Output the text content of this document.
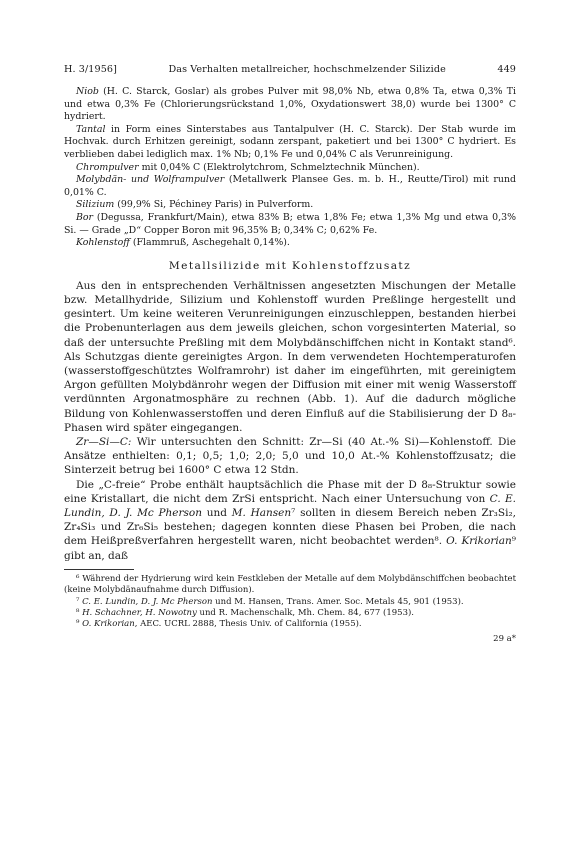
H. 3/1956]	Das Verhalten metallreicher, hochschmelzender Silizide	449

Niob (H. C. Starck, Goslar) als grobes Pulver mit 98,0% Nb, etwa 0,8% Ta, etwa 0,3% Ti und etwa 0,3% Fe (Chlorierungsrückstand 1,0%, Oxydationswert 38,0) wurde bei 1300° C hydriert.

Tantal in Form eines Sinterstabes aus Tantalpulver (H. C. Starck). Der Stab wurde im Hochvak. durch Erhitzen gereinigt, sodann zerspant, paketiert und bei 1300° C hydriert. Es verblieben dabei lediglich max. 1% Nb; 0,1% Fe und 0,04% C als Verunreinigung.

Chrompulver mit 0,04% C (Elektrolytchrom, Schmelztechnik München).

Molybdän- und Wolframpulver (Metallwerk Plansee Ges. m. b. H., Reutte/Tirol) mit rund 0,01% C.

Silizium (99,9% Si, Péchiney Paris) in Pulverform.

Bor (Degussa, Frankfurt/Main), etwa 83% B; etwa 1,8% Fe; etwa 1,3% Mg und etwa 0,3% Si. — Grade „D“ Copper Boron mit 96,35% B; 0,34% C; 0,62% Fe.

Kohlenstoff (Flammruß, Aschegehalt 0,14%).

Metallsilizide mit Kohlenstoffzusatz

Aus den in entsprechenden Verhältnissen angesetzten Mischungen der Metalle bzw. Metallhydride, Silizium und Kohlenstoff wurden Preßlinge hergestellt und gesintert. Um keine weiteren Verunreinigungen einzuschleppen, bestanden hierbei die Probenunterlagen aus dem jeweils gleichen, schon vorgesinterten Material, so daß der untersuchte Preßling mit dem Molybdänschiffchen nicht in Kontakt stand⁶. Als Schutzgas diente gereinigtes Argon. In dem verwendeten Hochtemperaturofen (wasserstoffgeschütztes Wolframrohr) ist daher im eingeführten, mit gereinigtem Argon gefüllten Molybdänrohr wegen der Diffusion mit einer mit wenig Wasserstoff verdünnten Argonatmosphäre zu rechnen (Abb. 1). Auf die dadurch mögliche Bildung von Kohlenwasserstoffen und deren Einfluß auf die Stabilisierung der D 8₈-Phasen wird später eingegangen.

Zr—Si—C: Wir untersuchten den Schnitt: Zr—Si (40 At.-% Si)—Kohlenstoff. Die Ansätze enthielten: 0,1; 0,5; 1,0; 2,0; 5,0 und 10,0 At.-% Kohlenstoffzusatz; die Sinterzeit betrug bei 1600° C etwa 12 Stdn.

Die „C-freie“ Probe enthält hauptsächlich die Phase mit der D 8₈-Struktur sowie eine Kristallart, die nicht dem ZrSi entspricht. Nach einer Untersuchung von C. E. Lundin, D. J. Mc Pherson und M. Hansen⁷ sollten in diesem Bereich neben Zr₃Si₂, Zr₄Si₃ und Zr₆Si₅ bestehen; dagegen konnten diese Phasen bei Proben, die nach dem Heißpreßverfahren hergestellt waren, nicht beobachtet werden⁸. O. Krikorian⁹ gibt an, daß

⁶ Während der Hydrierung wird kein Festkleben der Metalle auf dem Molybdänschiffchen beobachtet (keine Molybdänaufnahme durch Diffusion).

⁷ C. E. Lundin, D. J. Mc Pherson und M. Hansen, Trans. Amer. Soc. Metals 45, 901 (1953).

⁸ H. Schachner, H. Nowotny und R. Machenschalk, Mh. Chem. 84, 677 (1953).

⁹ O. Krikorian, AEC. UCRL 2888, Thesis Univ. of California (1955).

29 a*
